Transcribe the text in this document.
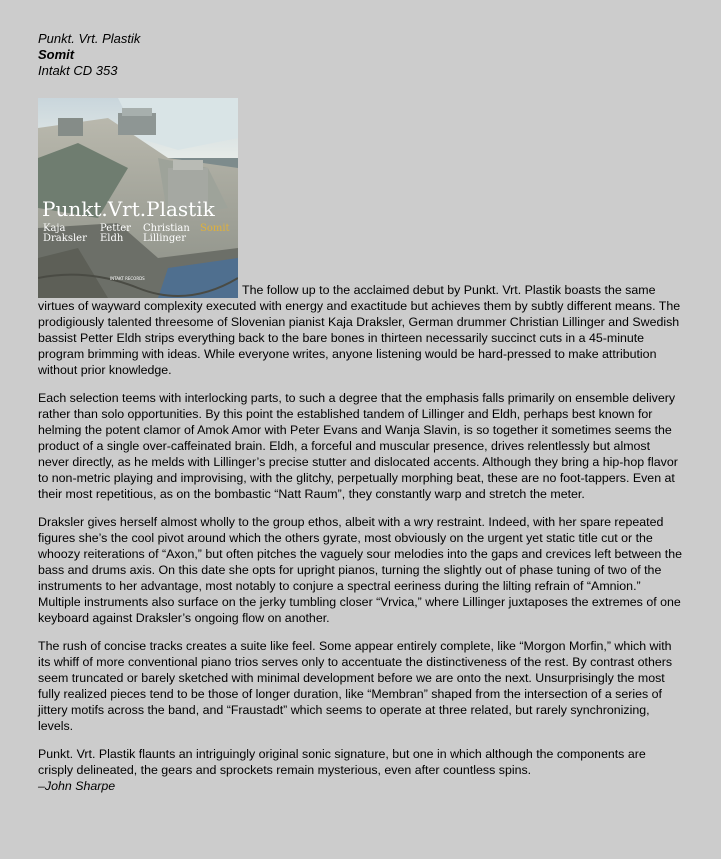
Punkt. Vrt. Plastik
Somit
Intakt CD 353

Punkt.Vrt.Plastik
Kaja
Draksler
Petter
Eldh
Christian
Lillinger
Somit
INTAKT RECORDS
The follow up to the acclaimed debut by Punkt. Vrt. Plastik boasts the same virtues of wayward complexity executed with energy and exactitude but achieves them by subtly different means. The prodigiously talented threesome of Slovenian pianist Kaja Draksler, German drummer Christian Lillinger and Swedish bassist Petter Eldh strips everything back to the bare bones in thirteen necessarily succinct cuts in a 45-minute program brimming with ideas. While everyone writes, anyone listening would be hard-pressed to make attribution without prior knowledge.

Each selection teems with interlocking parts, to such a degree that the emphasis falls primarily on ensemble delivery rather than solo opportunities. By this point the established tandem of Lillinger and Eldh, perhaps best known for helming the potent clamor of Amok Amor with Peter Evans and Wanja Slavin, is so together it sometimes seems the product of a single over-caffeinated brain. Eldh, a forceful and muscular presence, drives relentlessly but almost never directly, as he melds with Lillinger’s precise stutter and dislocated accents. Although they bring a hip-hop flavor to non-metric playing and improvising, with the glitchy, perpetually morphing beat, these are no foot-tappers. Even at their most repetitious, as on the bombastic “Natt Raum”, they constantly warp and stretch the meter.

Draksler gives herself almost wholly to the group ethos, albeit with a wry restraint. Indeed, with her spare repeated figures she’s the cool pivot around which the others gyrate, most obviously on the urgent yet static title cut or the whoozy reiterations of “Axon,” but often pitches the vaguely sour melodies into the gaps and crevices left between the bass and drums axis. On this date she opts for upright pianos, turning the slightly out of phase tuning of two of the instruments to her advantage, most notably to conjure a spectral eeriness during the lilting refrain of “Amnion.” Multiple instruments also surface on the jerky tumbling closer “Vrvica,” where Lillinger juxtaposes the extremes of one keyboard against Draksler’s ongoing flow on another.

The rush of concise tracks creates a suite like feel. Some appear entirely complete, like “Morgon Morfin,” which with its whiff of more conventional piano trios serves only to accentuate the distinctiveness of the rest. By contrast others seem truncated or barely sketched with minimal development before we are onto the next. Unsurprisingly the most fully realized pieces tend to be those of longer duration, like “Membran” shaped from the intersection of a series of jittery motifs across the band, and “Fraustadt” which seems to operate at three related, but rarely synchronizing, levels.

Punkt. Vrt. Plastik flaunts an intriguingly original sonic signature, but one in which although the components are crisply delineated, the gears and sprockets remain mysterious, even after countless spins.

–John Sharpe
